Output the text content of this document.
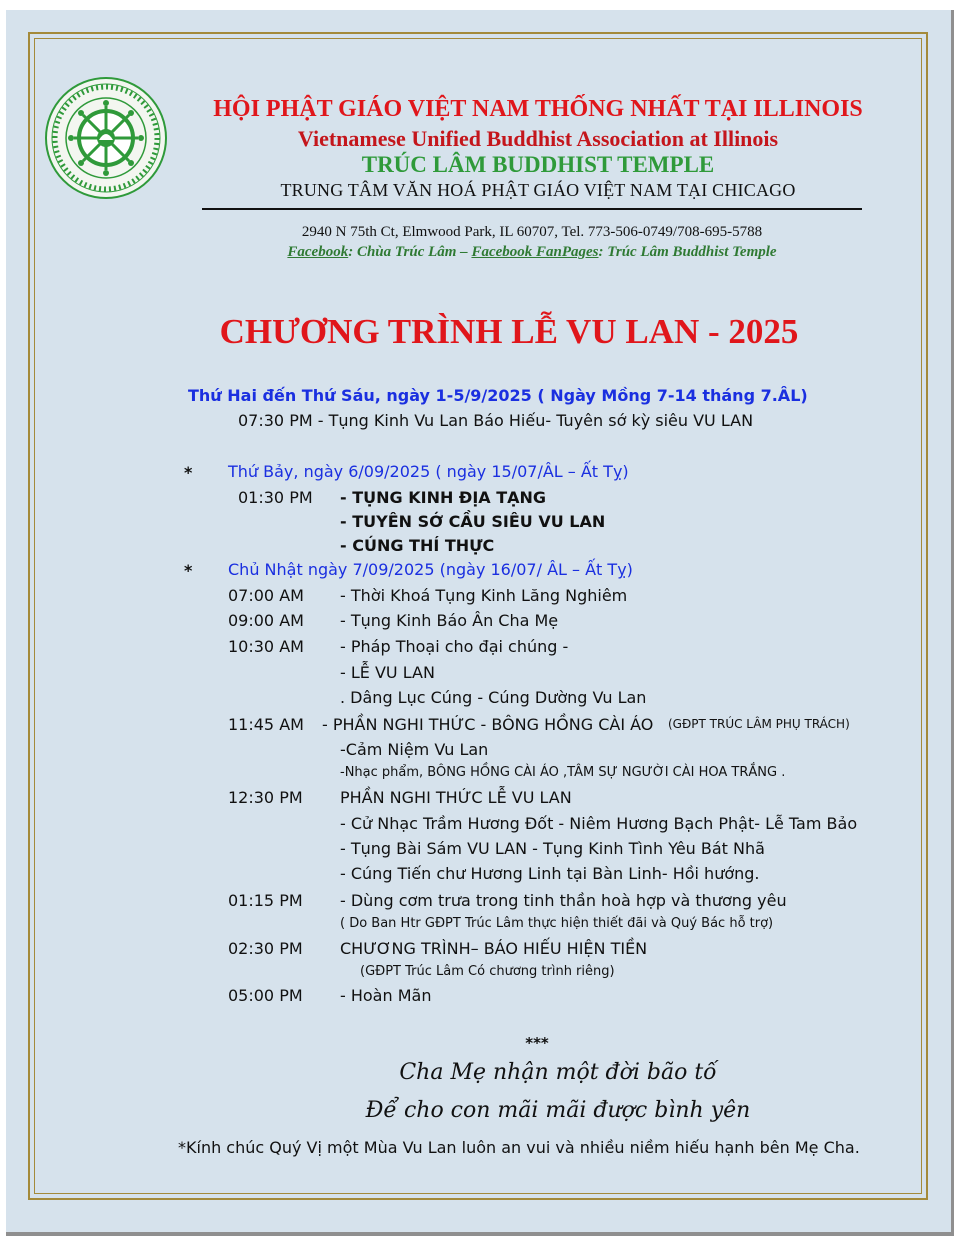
HỘI PHẬT GIÁO VIỆT NAM THỐNG NHẤT TẠI ILLINOIS
Vietnamese Unified Buddhist Association at Illinois
TRÚC LÂM BUDDHIST TEMPLE
TRUNG TÂM VĂN HOÁ PHẬT GIÁO VIỆT NAM TẠI CHICAGO
2940 N 75th Ct, Elmwood Park, IL 60707, Tel. 773-506-0749/708-695-5788
Facebook: Chùa Trúc Lâm – Facebook FanPages: Trúc Lâm Buddhist Temple
CHƯƠNG TRÌNH LỄ VU LAN - 2025
Thứ Hai đến Thứ Sáu, ngày 1-5/9/2025 ( Ngày Mồng 7-14 tháng 7.ÂL)
07:30 PM - Tụng Kinh Vu Lan Báo Hiếu- Tuyên sớ kỳ siêu VU LAN
* Thứ Bảy, ngày 6/09/2025 ( ngày 15/07/ÂL – Ất Tỵ)
01:30 PM - TỤNG KINH ĐỊA TẠNG
- TUYÊN SỚ CẦU SIÊU VU LAN
- CÚNG THÍ THỰC
* Chủ Nhật ngày 7/09/2025 (ngày 16/07/ ÂL – Ất Tỵ)
07:00 AM - Thời Khoá Tụng Kinh Lăng Nghiêm
09:00 AM - Tụng Kinh Báo Ân Cha Mẹ
10:30 AM - Pháp Thoại cho đại chúng -
- LỄ VU LAN
. Dâng Lục Cúng - Cúng Dường Vu Lan
11:45 AM - PHẦN NGHI THỨC - BÔNG HỒNG CÀI ÁO (GĐPT TRÚC LÂM PHỤ TRÁCH)
-Cảm Niệm Vu Lan
-Nhạc phẩm, BÔNG HỒNG CÀI ÁO ,TÂM SỰ NGƯỜI CÀI HOA TRẮNG .
12:30 PM PHẦN NGHI THỨC LỄ VU LAN
- Cử Nhạc Trầm Hương Đốt - Niêm Hương Bạch Phật- Lễ Tam Bảo
- Tụng Bài Sám VU LAN - Tụng Kinh Tình Yêu Bát Nhã
- Cúng Tiến chư Hương Linh tại Bàn Linh- Hồi hướng.
01:15 PM - Dùng cơm trưa trong tinh thần hoà hợp và thương yêu
( Do Ban Htr GĐPT Trúc Lâm thực hiện thiết đãi và Quý Bác hỗ trợ)
02:30 PM CHƯƠNG TRÌNH– BÁO HIẾU HIỆN TIỀN
(GĐPT Trúc Lâm Có chương trình riêng)
05:00 PM - Hoàn Mãn
***
Cha Mẹ nhận một đời bão tố
Để cho con mãi mãi được bình yên
*Kính chúc Quý Vị một Mùa Vu Lan luôn an vui và nhiều niềm hiếu hạnh bên Mẹ Cha.
